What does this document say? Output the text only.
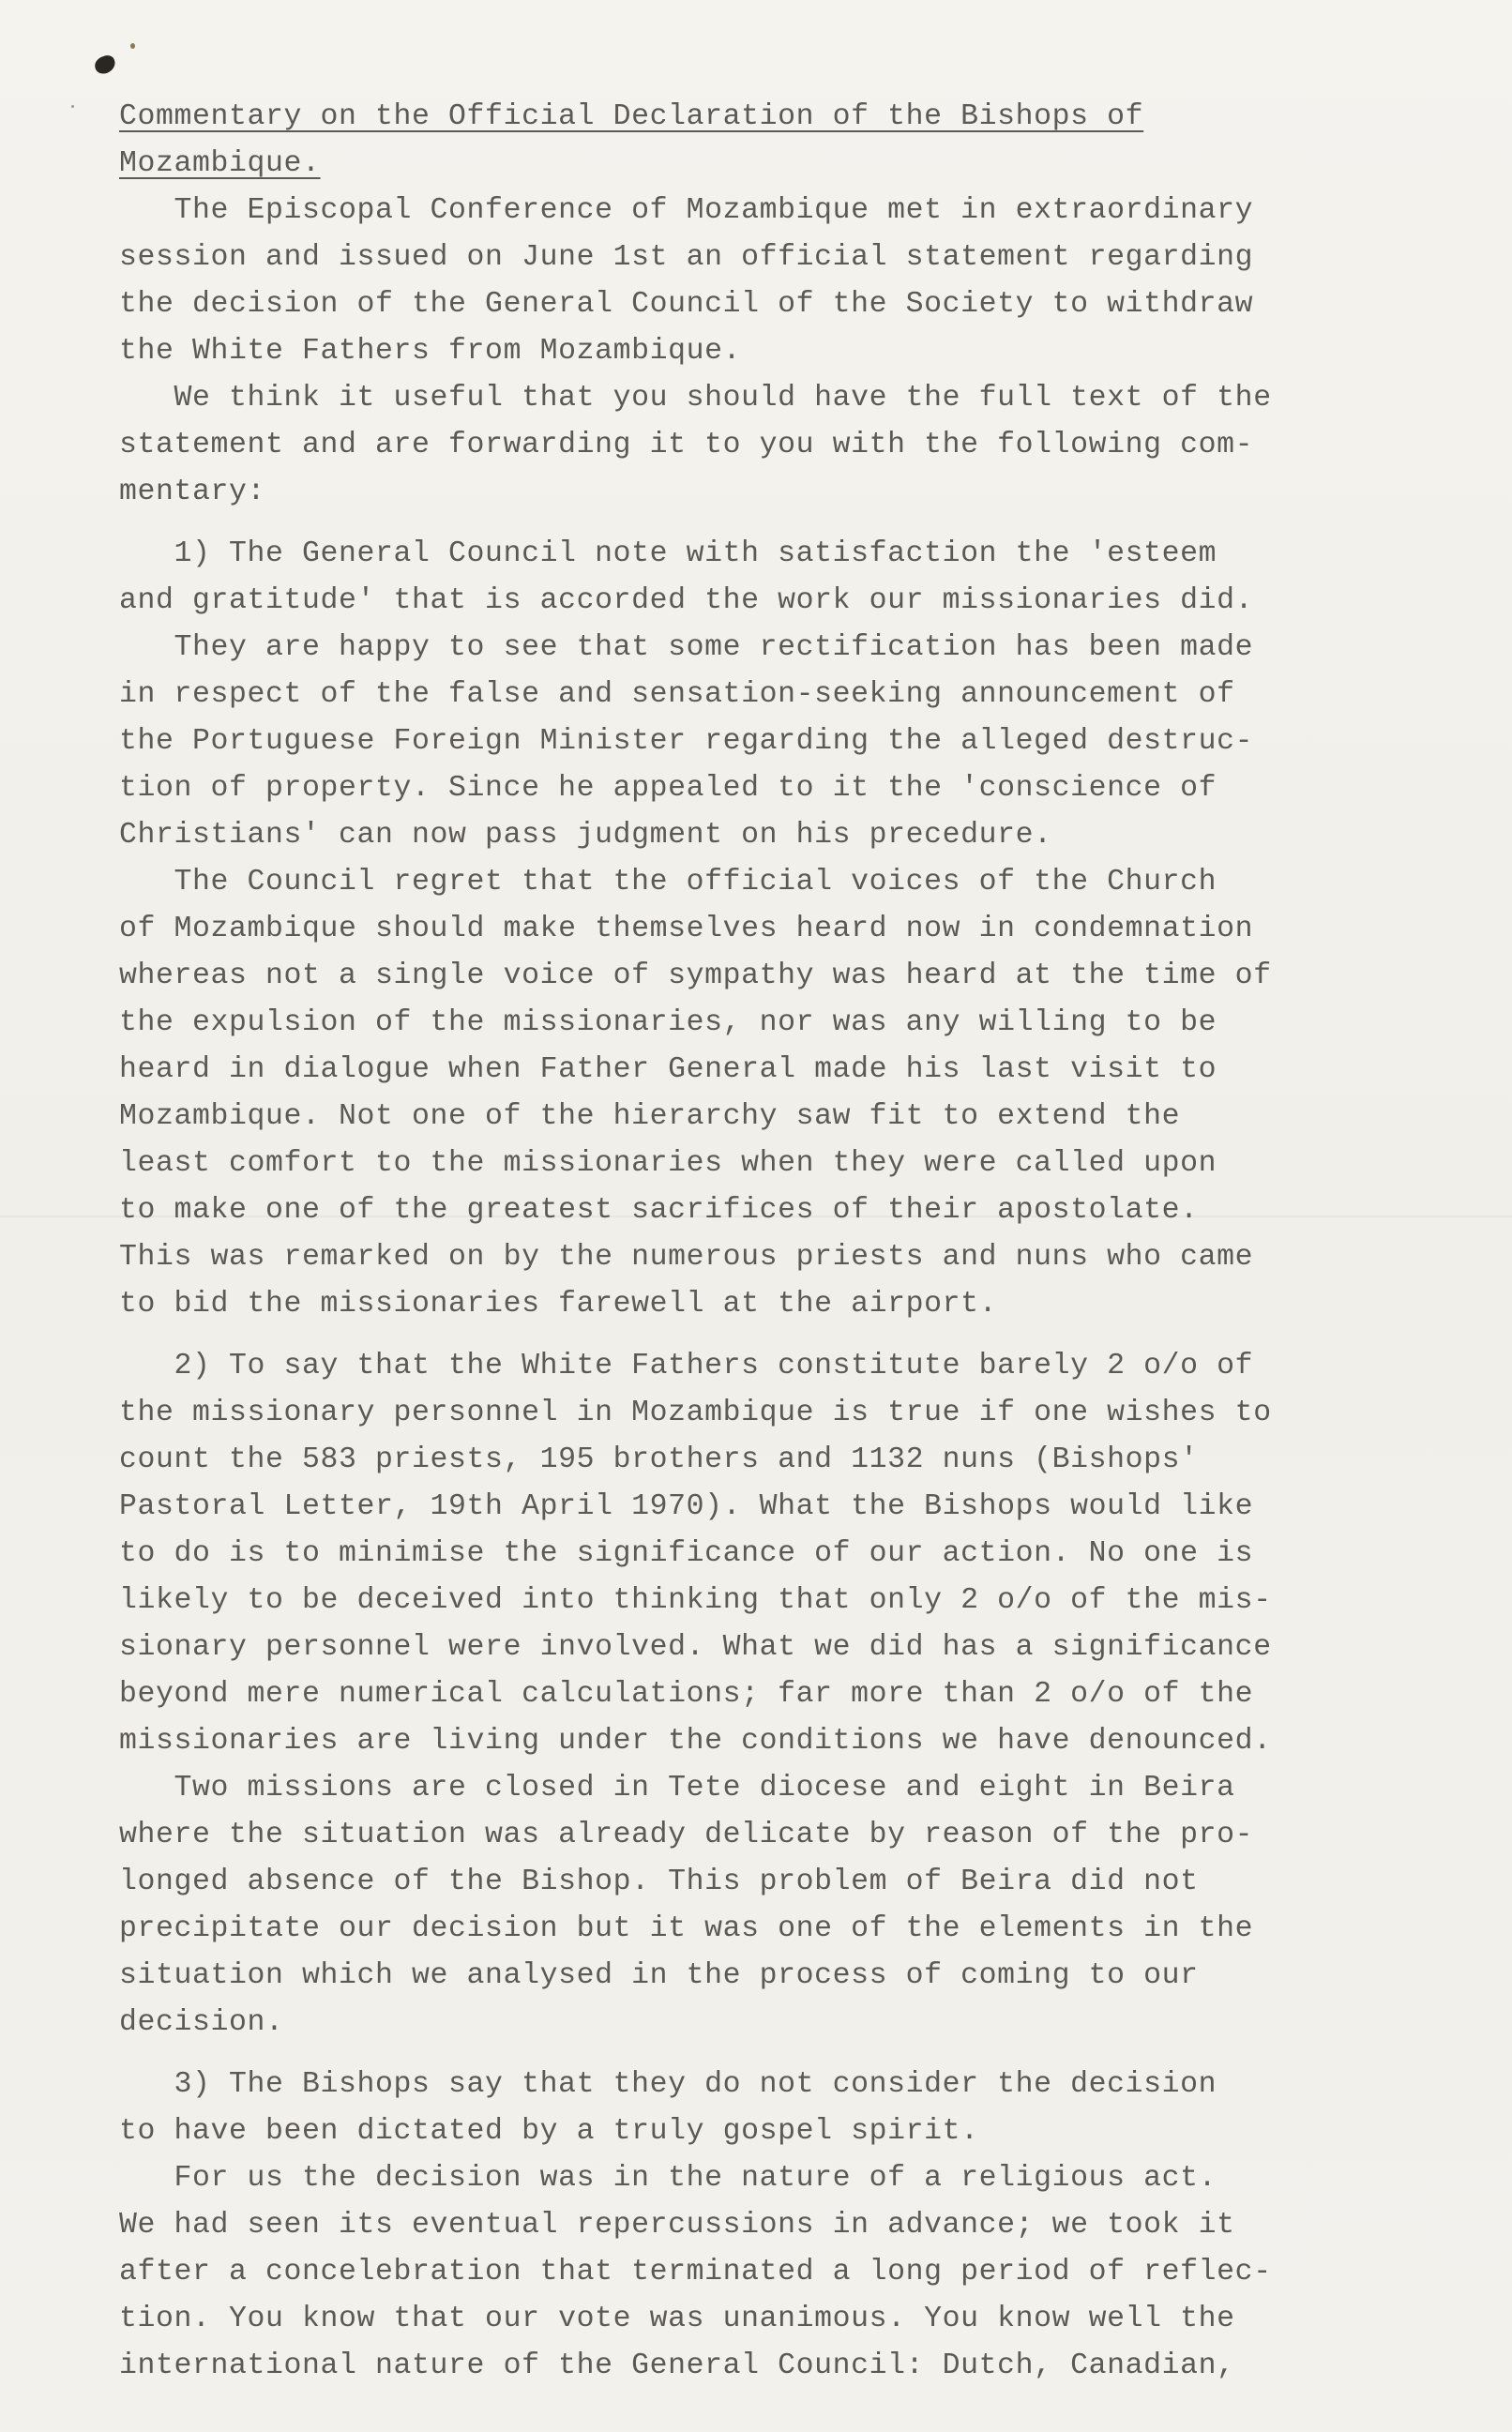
Commentary on the Official Declaration of the Bishops of
Mozambique.
The Episcopal Conference of Mozambique met in extraordinary
session and issued on June 1st an official statement regarding
the decision of the General Council of the Society to withdraw
the White Fathers from Mozambique.
We think it useful that you should have the full text of the
statement and are forwarding it to you with the following com-
mentary:
1) The General Council note with satisfaction the 'esteem
and gratitude' that is accorded the work our missionaries did.
They are happy to see that some rectification has been made
in respect of the false and sensation-seeking announcement of
the Portuguese Foreign Minister regarding the alleged destruc-
tion of property. Since he appealed to it the 'conscience of
Christians' can now pass judgment on his precedure.
The Council regret that the official voices of the Church
of Mozambique should make themselves heard now in condemnation
whereas not a single voice of sympathy was heard at the time of
the expulsion of the missionaries, nor was any willing to be
heard in dialogue when Father General made his last visit to
Mozambique. Not one of the hierarchy saw fit to extend the
least comfort to the missionaries when they were called upon
to make one of the greatest sacrifices of their apostolate.
This was remarked on by the numerous priests and nuns who came
to bid the missionaries farewell at the airport.
2) To say that the White Fathers constitute barely 2 o/o of
the missionary personnel in Mozambique is true if one wishes to
count the 583 priests, 195 brothers and 1132 nuns (Bishops'
Pastoral Letter, 19th April 1970). What the Bishops would like
to do is to minimise the significance of our action. No one is
likely to be deceived into thinking that only 2 o/o of the mis-
sionary personnel were involved. What we did has a significance
beyond mere numerical calculations; far more than 2 o/o of the
missionaries are living under the conditions we have denounced.
Two missions are closed in Tete diocese and eight in Beira
where the situation was already delicate by reason of the pro-
longed absence of the Bishop. This problem of Beira did not
precipitate our decision but it was one of the elements in the
situation which we analysed in the process of coming to our
decision.
3) The Bishops say that they do not consider the decision
to have been dictated by a truly gospel spirit.
For us the decision was in the nature of a religious act.
We had seen its eventual repercussions in advance; we took it
after a concelebration that terminated a long period of reflec-
tion. You know that our vote was unanimous. You know well the
international nature of the General Council: Dutch, Canadian,
